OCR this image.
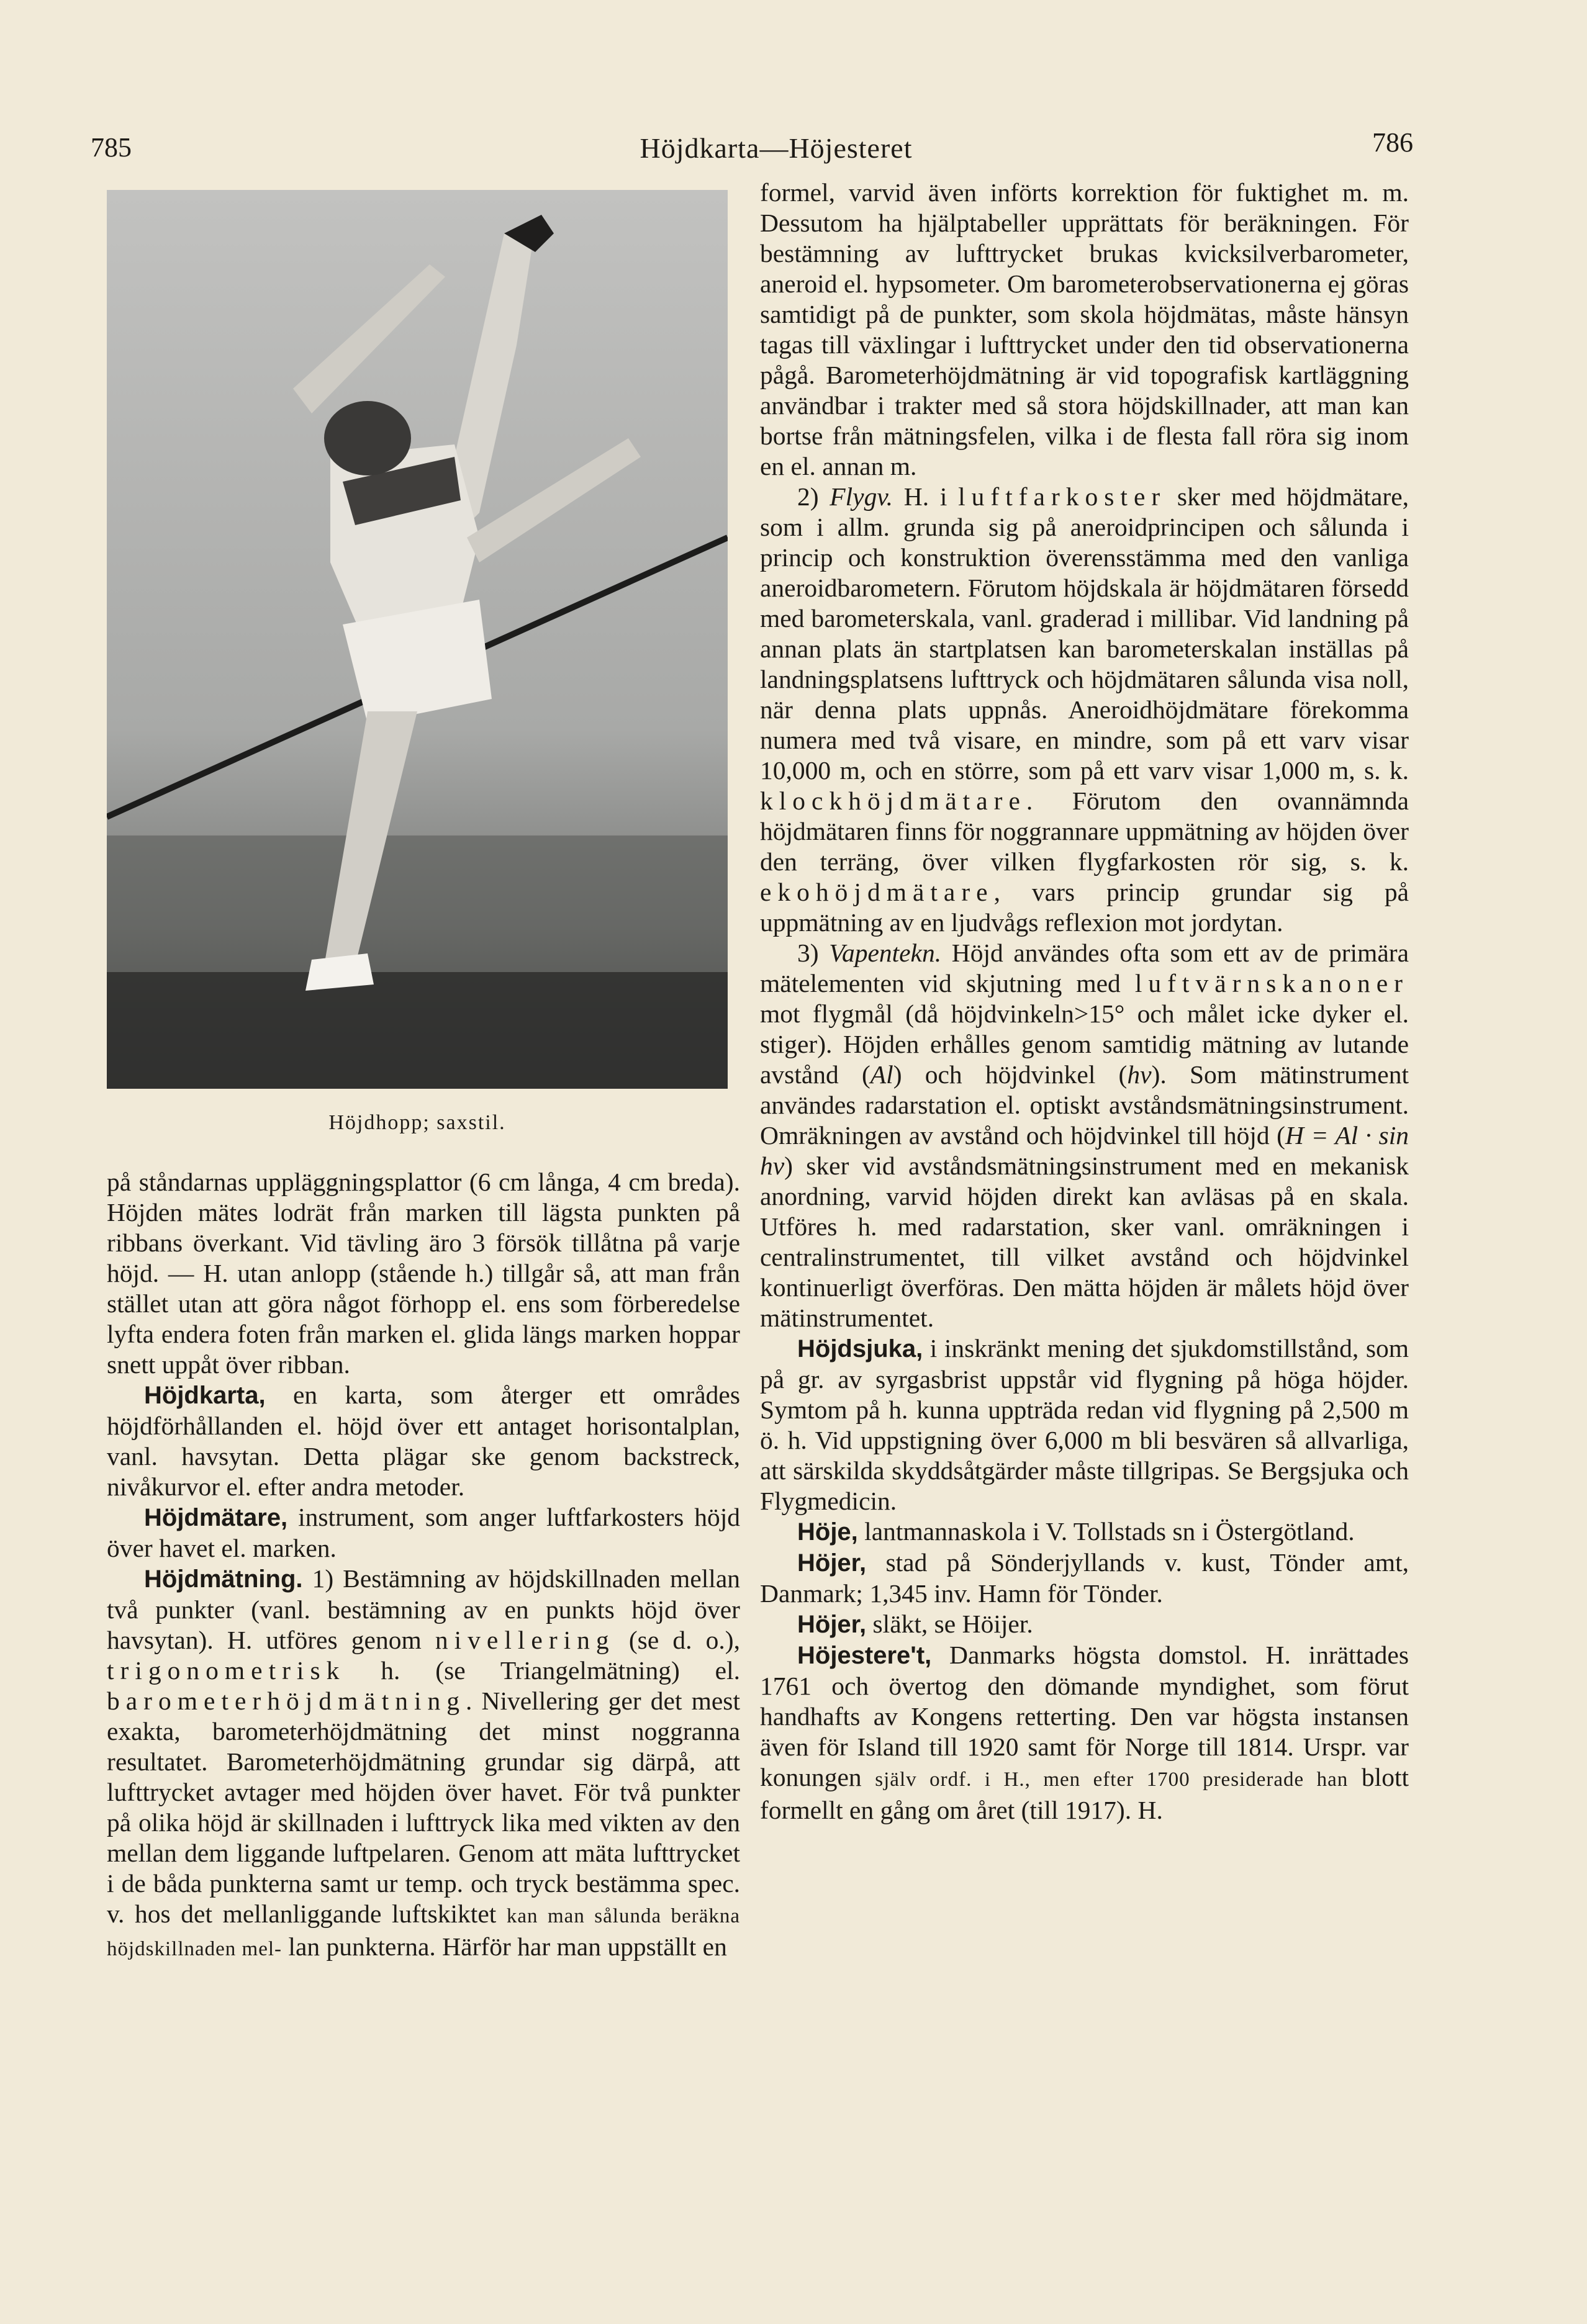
785	Höjdkarta—Höjesteret	786
Höjdhopp; saxstil.

på ståndarnas uppläggningsplattor (6 cm långa, 4 cm breda). Höjden mätes lodrät från marken till lägsta punkten på ribbans överkant. Vid tävling äro 3 försök tillåtna på varje höjd. — H. utan anlopp (stående h.) tillgår så, att man från stället utan att göra något förhopp el. ens som förberedelse lyfta endera foten från marken el. glida längs marken hoppar snett uppåt över ribban.

Höjdkarta, en karta, som återger ett områdes höjdförhållanden el. höjd över ett antaget horisontalplan, vanl. havsytan. Detta plägar ske genom backstreck, nivåkurvor el. efter andra metoder.

Höjdmätare, instrument, som anger luftfarkosters höjd över havet el. marken.

Höjdmätning. 1) Bestämning av höjdskillnaden mellan två punkter (vanl. bestämning av en punkts höjd över havsytan). H. utföres genom nivellering (se d. o.), trigonometrisk h. (se Triangelmätning) el. barometerhöjdmätning. Nivellering ger det mest exakta, barometerhöjdmätning det minst noggranna resultatet. Barometerhöjdmätning grundar sig därpå, att lufttrycket avtager med höjden över havet. För två punkter på olika höjd är skillnaden i lufttryck lika med vikten av den mellan dem liggande luftpelaren. Genom att mäta lufttrycket i de båda punkterna samt ur temp. och tryck bestämma spec. v. hos det mellanliggande luftskiktet kan man sålunda beräkna höjdskillnaden mel- lan punkterna. Härför har man uppställt en

formel, varvid även införts korrektion för fuktighet m. m. Dessutom ha hjälptabeller upprättats för beräkningen. För bestämning av lufttrycket brukas kvicksilverbarometer, aneroid el. hypsometer. Om barometerobservationerna ej göras samtidigt på de punkter, som skola höjdmätas, måste hänsyn tagas till växlingar i lufttrycket under den tid observationerna pågå. Barometerhöjdmätning är vid topografisk kartläggning användbar i trakter med så stora höjdskillnader, att man kan bortse från mätningsfelen, vilka i de flesta fall röra sig inom en el. annan m.

2) Flygv. H. i luftfarkoster sker med höjdmätare, som i allm. grunda sig på aneroidprincipen och sålunda i princip och konstruktion överensstämma med den vanliga aneroidbarometern. Förutom höjdskala är höjdmätaren försedd med barometerskala, vanl. graderad i millibar. Vid landning på annan plats än startplatsen kan barometerskalan inställas på landningsplatsens lufttryck och höjdmätaren sålunda visa noll, när denna plats uppnås. Aneroidhöjdmätare förekomma numera med två visare, en mindre, som på ett varv visar 10,000 m, och en större, som på ett varv visar 1,000 m, s. k. klockhöjdmätare. Förutom den ovannämnda höjdmätaren finns för noggrannare uppmätning av höjden över den terräng, över vilken flygfarkosten rör sig, s. k. ekohöjdmätare, vars princip grundar sig på uppmätning av en ljudvågs reflexion mot jordytan.

3) Vapentekn. Höjd användes ofta som ett av de primära mätelementen vid skjutning med luftvärnskanoner mot flygmål (då höjdvinkeln>15° och målet icke dyker el. stiger). Höjden erhålles genom samtidig mätning av lutande avstånd (Al) och höjdvinkel (hv). Som mätinstrument användes radarstation el. optiskt avståndsmätningsinstrument. Omräkningen av avstånd och höjdvinkel till höjd (H = Al · sin hv) sker vid avståndsmätningsinstrument med en mekanisk anordning, varvid höjden direkt kan avläsas på en skala. Utföres h. med radarstation, sker vanl. omräkningen i centralinstrumentet, till vilket avstånd och höjdvinkel kontinuerligt överföras. Den mätta höjden är målets höjd över mätinstrumentet.

Höjdsjuka, i inskränkt mening det sjukdomstillstånd, som på gr. av syrgasbrist uppstår vid flygning på höga höjder. Symtom på h. kunna uppträda redan vid flygning på 2,500 m ö. h. Vid uppstigning över 6,000 m bli besvären så allvarliga, att särskilda skyddsåtgärder måste tillgripas. Se Bergsjuka och Flygmedicin.

Höje, lantmannaskola i V. Tollstads sn i Östergötland.

Höjer, stad på Sönderjyllands v. kust, Tönder amt, Danmark; 1,345 inv. Hamn för Tönder.

Höjer, släkt, se Höijer.

Höjestere't, Danmarks högsta domstol. H. inrättades 1761 och övertog den dömande myndighet, som förut handhafts av Kongens retterting. Den var högsta instansen även för Island till 1920 samt för Norge till 1814. Urspr. var konungen själv ordf. i H., men efter 1700 presiderade han blott formellt en gång om året (till 1917). H.
